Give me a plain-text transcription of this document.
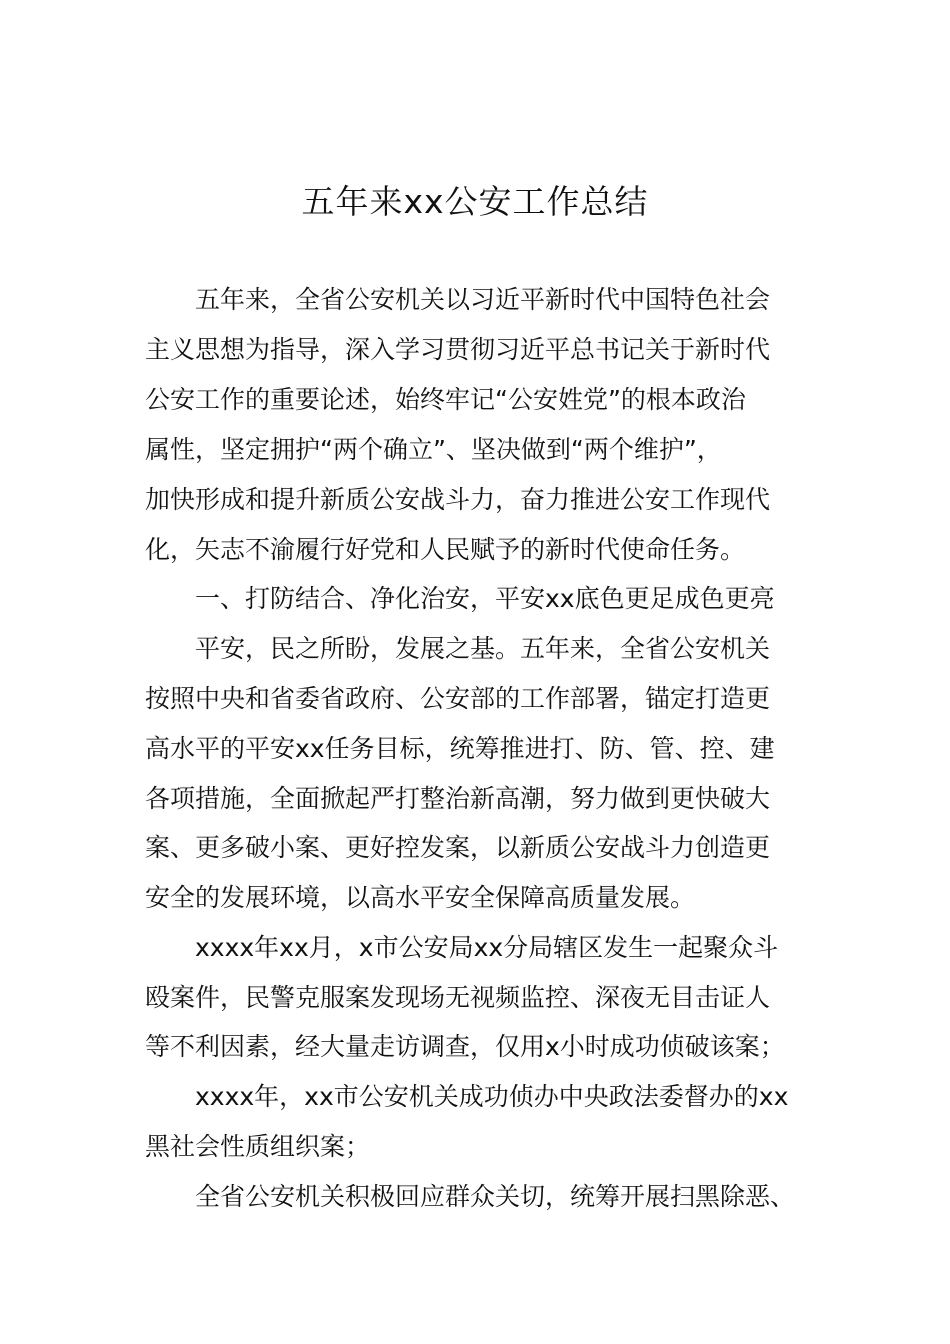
五年来xx公安工作总结
五年来，全省公安机关以习近平新时代中国特色社会
主义思想为指导，深入学习贯彻习近平总书记关于新时代
公安工作的重要论述，始终牢记“公安姓党”的根本政治
属性，坚定拥护“两个确立”、坚决做到“两个维护”，
加快形成和提升新质公安战斗力，奋力推进公安工作现代
化，矢志不渝履行好党和人民赋予的新时代使命任务。
一、打防结合、净化治安，平安xx底色更足成色更亮
平安，民之所盼，发展之基。五年来，全省公安机关
按照中央和省委省政府、公安部的工作部署，锚定打造更
高水平的平安xx任务目标，统筹推进打、防、管、控、建
各项措施，全面掀起严打整治新高潮，努力做到更快破大
案、更多破小案、更好控发案，以新质公安战斗力创造更
安全的发展环境，以高水平安全保障高质量发展。
xxxx年xx月，x市公安局xx分局辖区发生一起聚众斗
殴案件，民警克服案发现场无视频监控、深夜无目击证人
等不利因素，经大量走访调查，仅用x小时成功侦破该案；
xxxx年，xx市公安机关成功侦办中央政法委督办的xx
黑社会性质组织案；
全省公安机关积极回应群众关切，统筹开展扫黑除恶、
